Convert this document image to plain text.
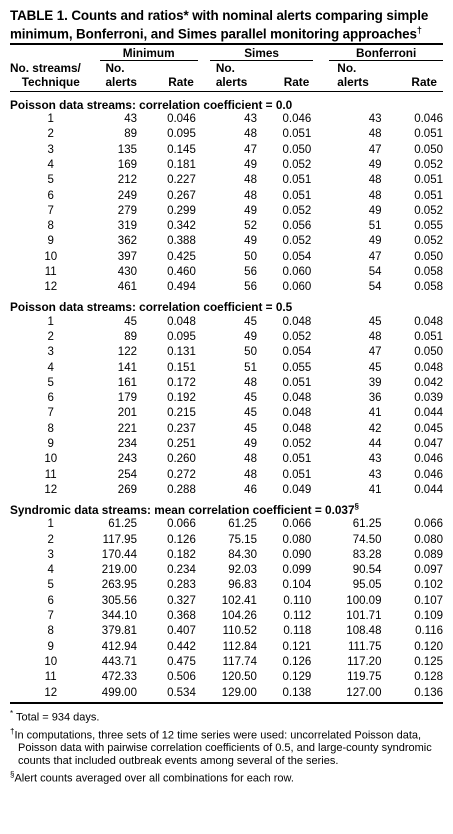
TABLE 1. Counts and ratios* with nominal alerts comparing simple minimum, Bonferroni, and Simes parallel monitoring approaches†

	Minimum		Simes		Bonferroni	

No. streams/	No.		No.		No.	
Technique	alerts	Rate	alerts	Rate	alerts	Rate

Poisson data streams: correlation coefficient = 0.0						
1	43	0.046	43	0.046	43	0.046
2	89	0.095	48	0.051	48	0.051
3	135	0.145	47	0.050	47	0.050
4	169	0.181	49	0.052	49	0.052
5	212	0.227	48	0.051	48	0.051
6	249	0.267	48	0.051	48	0.051
7	279	0.299	49	0.052	49	0.052
8	319	0.342	52	0.056	51	0.055
9	362	0.388	49	0.052	49	0.052
10	397	0.425	50	0.054	47	0.050
11	430	0.460	56	0.060	54	0.058
12	461	0.494	56	0.060	54	0.058
Poisson data streams: correlation coefficient = 0.5						
1	45	0.048	45	0.048	45	0.048
2	89	0.095	49	0.052	48	0.051
3	122	0.131	50	0.054	47	0.050
4	141	0.151	51	0.055	45	0.048
5	161	0.172	48	0.051	39	0.042
6	179	0.192	45	0.048	36	0.039
7	201	0.215	45	0.048	41	0.044
8	221	0.237	45	0.048	42	0.045
9	234	0.251	49	0.052	44	0.047
10	243	0.260	48	0.051	43	0.046
11	254	0.272	48	0.051	43	0.046
12	269	0.288	46	0.049	41	0.044
Syndromic data streams: mean correlation coefficient = 0.037§
1	61.25	0.066	61.25	0.066	61.25	0.066
2	117.95	0.126	75.15	0.080	74.50	0.080
3	170.44	0.182	84.30	0.090	83.28	0.089
4	219.00	0.234	92.03	0.099	90.54	0.097
5	263.95	0.283	96.83	0.104	95.05	0.102
6	305.56	0.327	102.41	0.110	100.09	0.107
7	344.10	0.368	104.26	0.112	101.71	0.109
8	379.81	0.407	110.52	0.118	108.48	0.116
9	412.94	0.442	112.84	0.121	111.75	0.120
10	443.71	0.475	117.74	0.126	117.20	0.125
11	472.33	0.506	120.50	0.129	119.75	0.128
12	499.00	0.534	129.00	0.138	127.00	0.136

* Total = 934 days.

†In computations, three sets of 12 time series were used: uncorrelated Poisson data, Poisson data with pairwise correlation coefficients of 0.5, and large-county syndromic counts that included outbreak events among several of the series.

§Alert counts averaged over all combinations for each row.
